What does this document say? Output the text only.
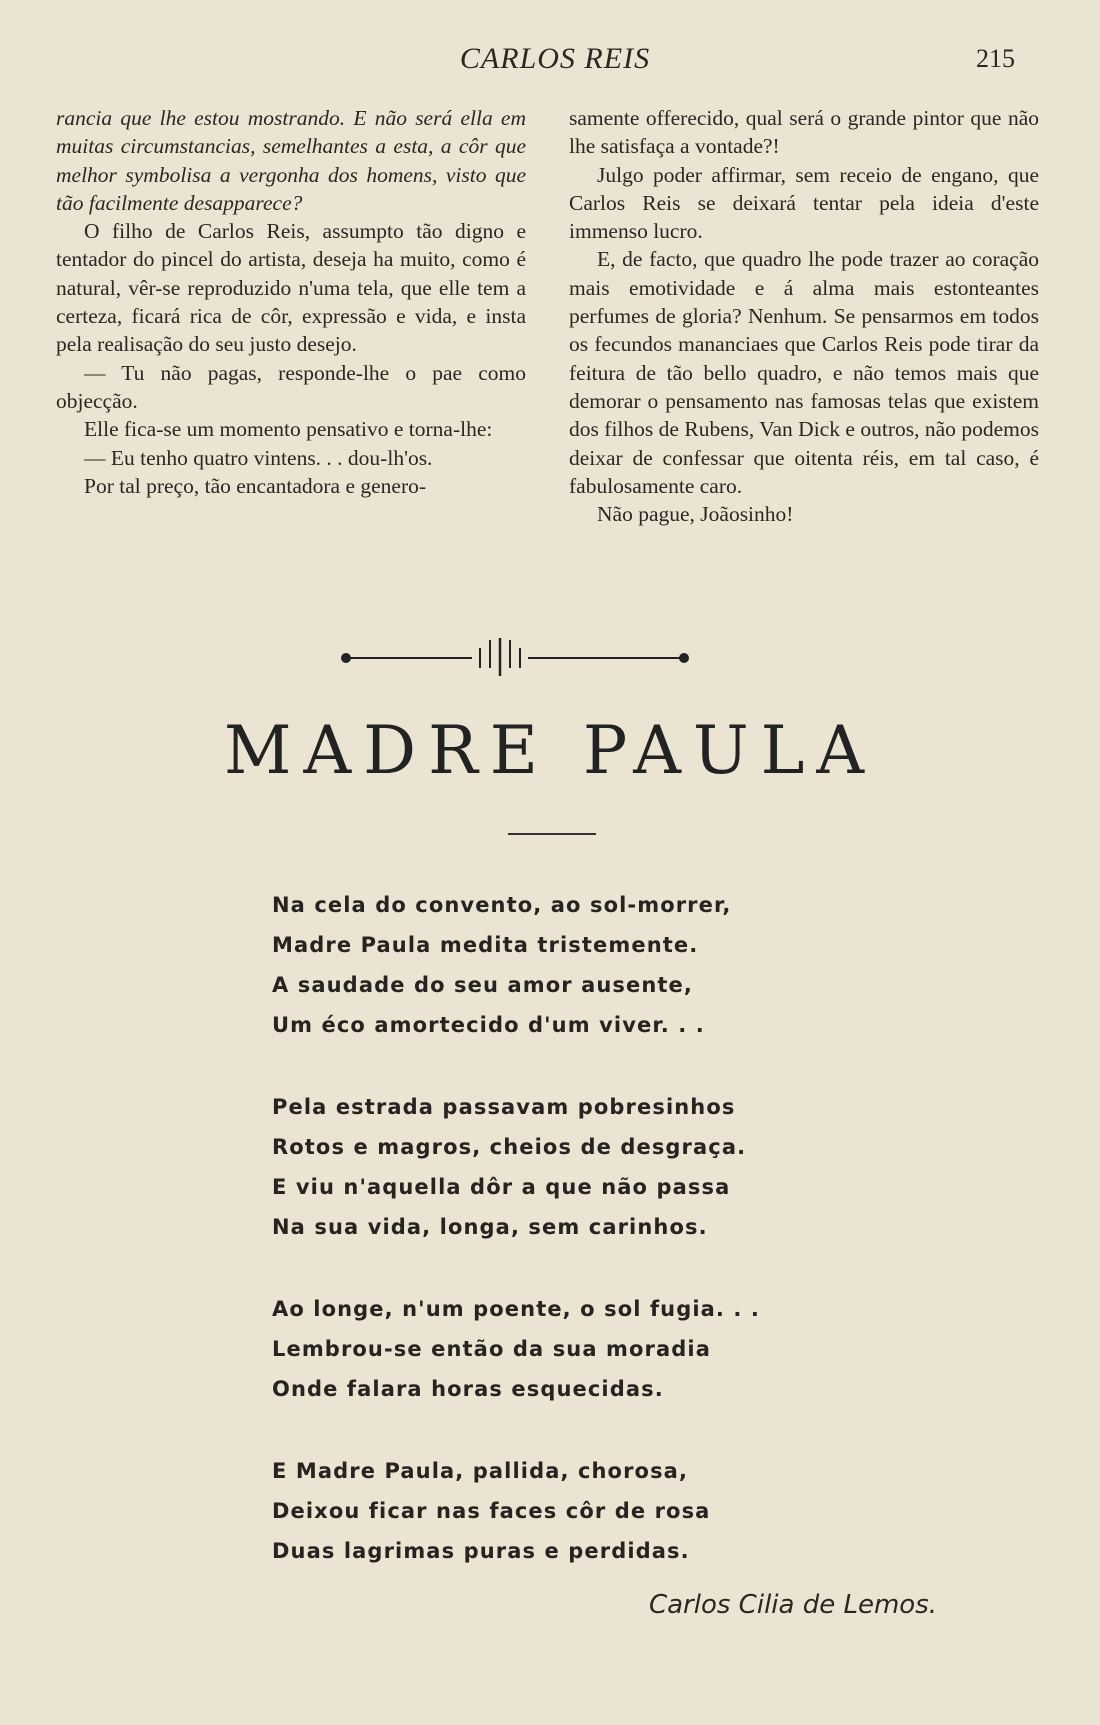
CARLOS REIS	215

rancia que lhe estou mostrando. E não será ella em muitas circumstancias, semelhantes a esta, a côr que melhor symbolisa a vergonha dos homens, visto que tão facilmente desapparece?

O filho de Carlos Reis, assumpto tão digno e tentador do pincel do artista, deseja ha muito, como é natural, vêr-se reproduzido n'uma tela, que elle tem a certeza, ficará rica de côr, expressão e vida, e insta pela realisação do seu justo desejo.

— Tu não pagas, responde-lhe o pae como objecção.

Elle fica-se um momento pensativo e torna-lhe:

— Eu tenho quatro vintens. . . dou-lh'os.

Por tal preço, tão encantadora e genero-

samente offerecido, qual será o grande pintor que não lhe satisfaça a vontade?!

Julgo poder affirmar, sem receio de engano, que Carlos Reis se deixará tentar pela ideia d'este immenso lucro.

E, de facto, que quadro lhe pode trazer ao coração mais emotividade e á alma mais estonteantes perfumes de gloria? Nenhum. Se pensarmos em todos os fecundos mananciaes que Carlos Reis pode tirar da feitura de tão bello quadro, e não temos mais que demorar o pensamento nas famosas telas que existem dos filhos de Rubens, Van Dick e outros, não podemos deixar de confessar que oitenta réis, em tal caso, é fabulosamente caro.

Não pague, Joãosinho!

MADRE PAULA
Na cela do convento, ao sol-morrer,
Madre Paula medita tristemente.
A saudade do seu amor ausente,
Um éco amortecido d'um viver. . .
Pela estrada passavam pobresinhos
Rotos e magros, cheios de desgraça.
E viu n'aquella dôr a que não passa
Na sua vida, longa, sem carinhos.
Ao longe, n'um poente, o sol fugia. . .
Lembrou-se então da sua moradia
Onde falara horas esquecidas.
E Madre Paula, pallida, chorosa,
Deixou ficar nas faces côr de rosa
Duas lagrimas puras e perdidas.
Carlos Cilia de Lemos.
